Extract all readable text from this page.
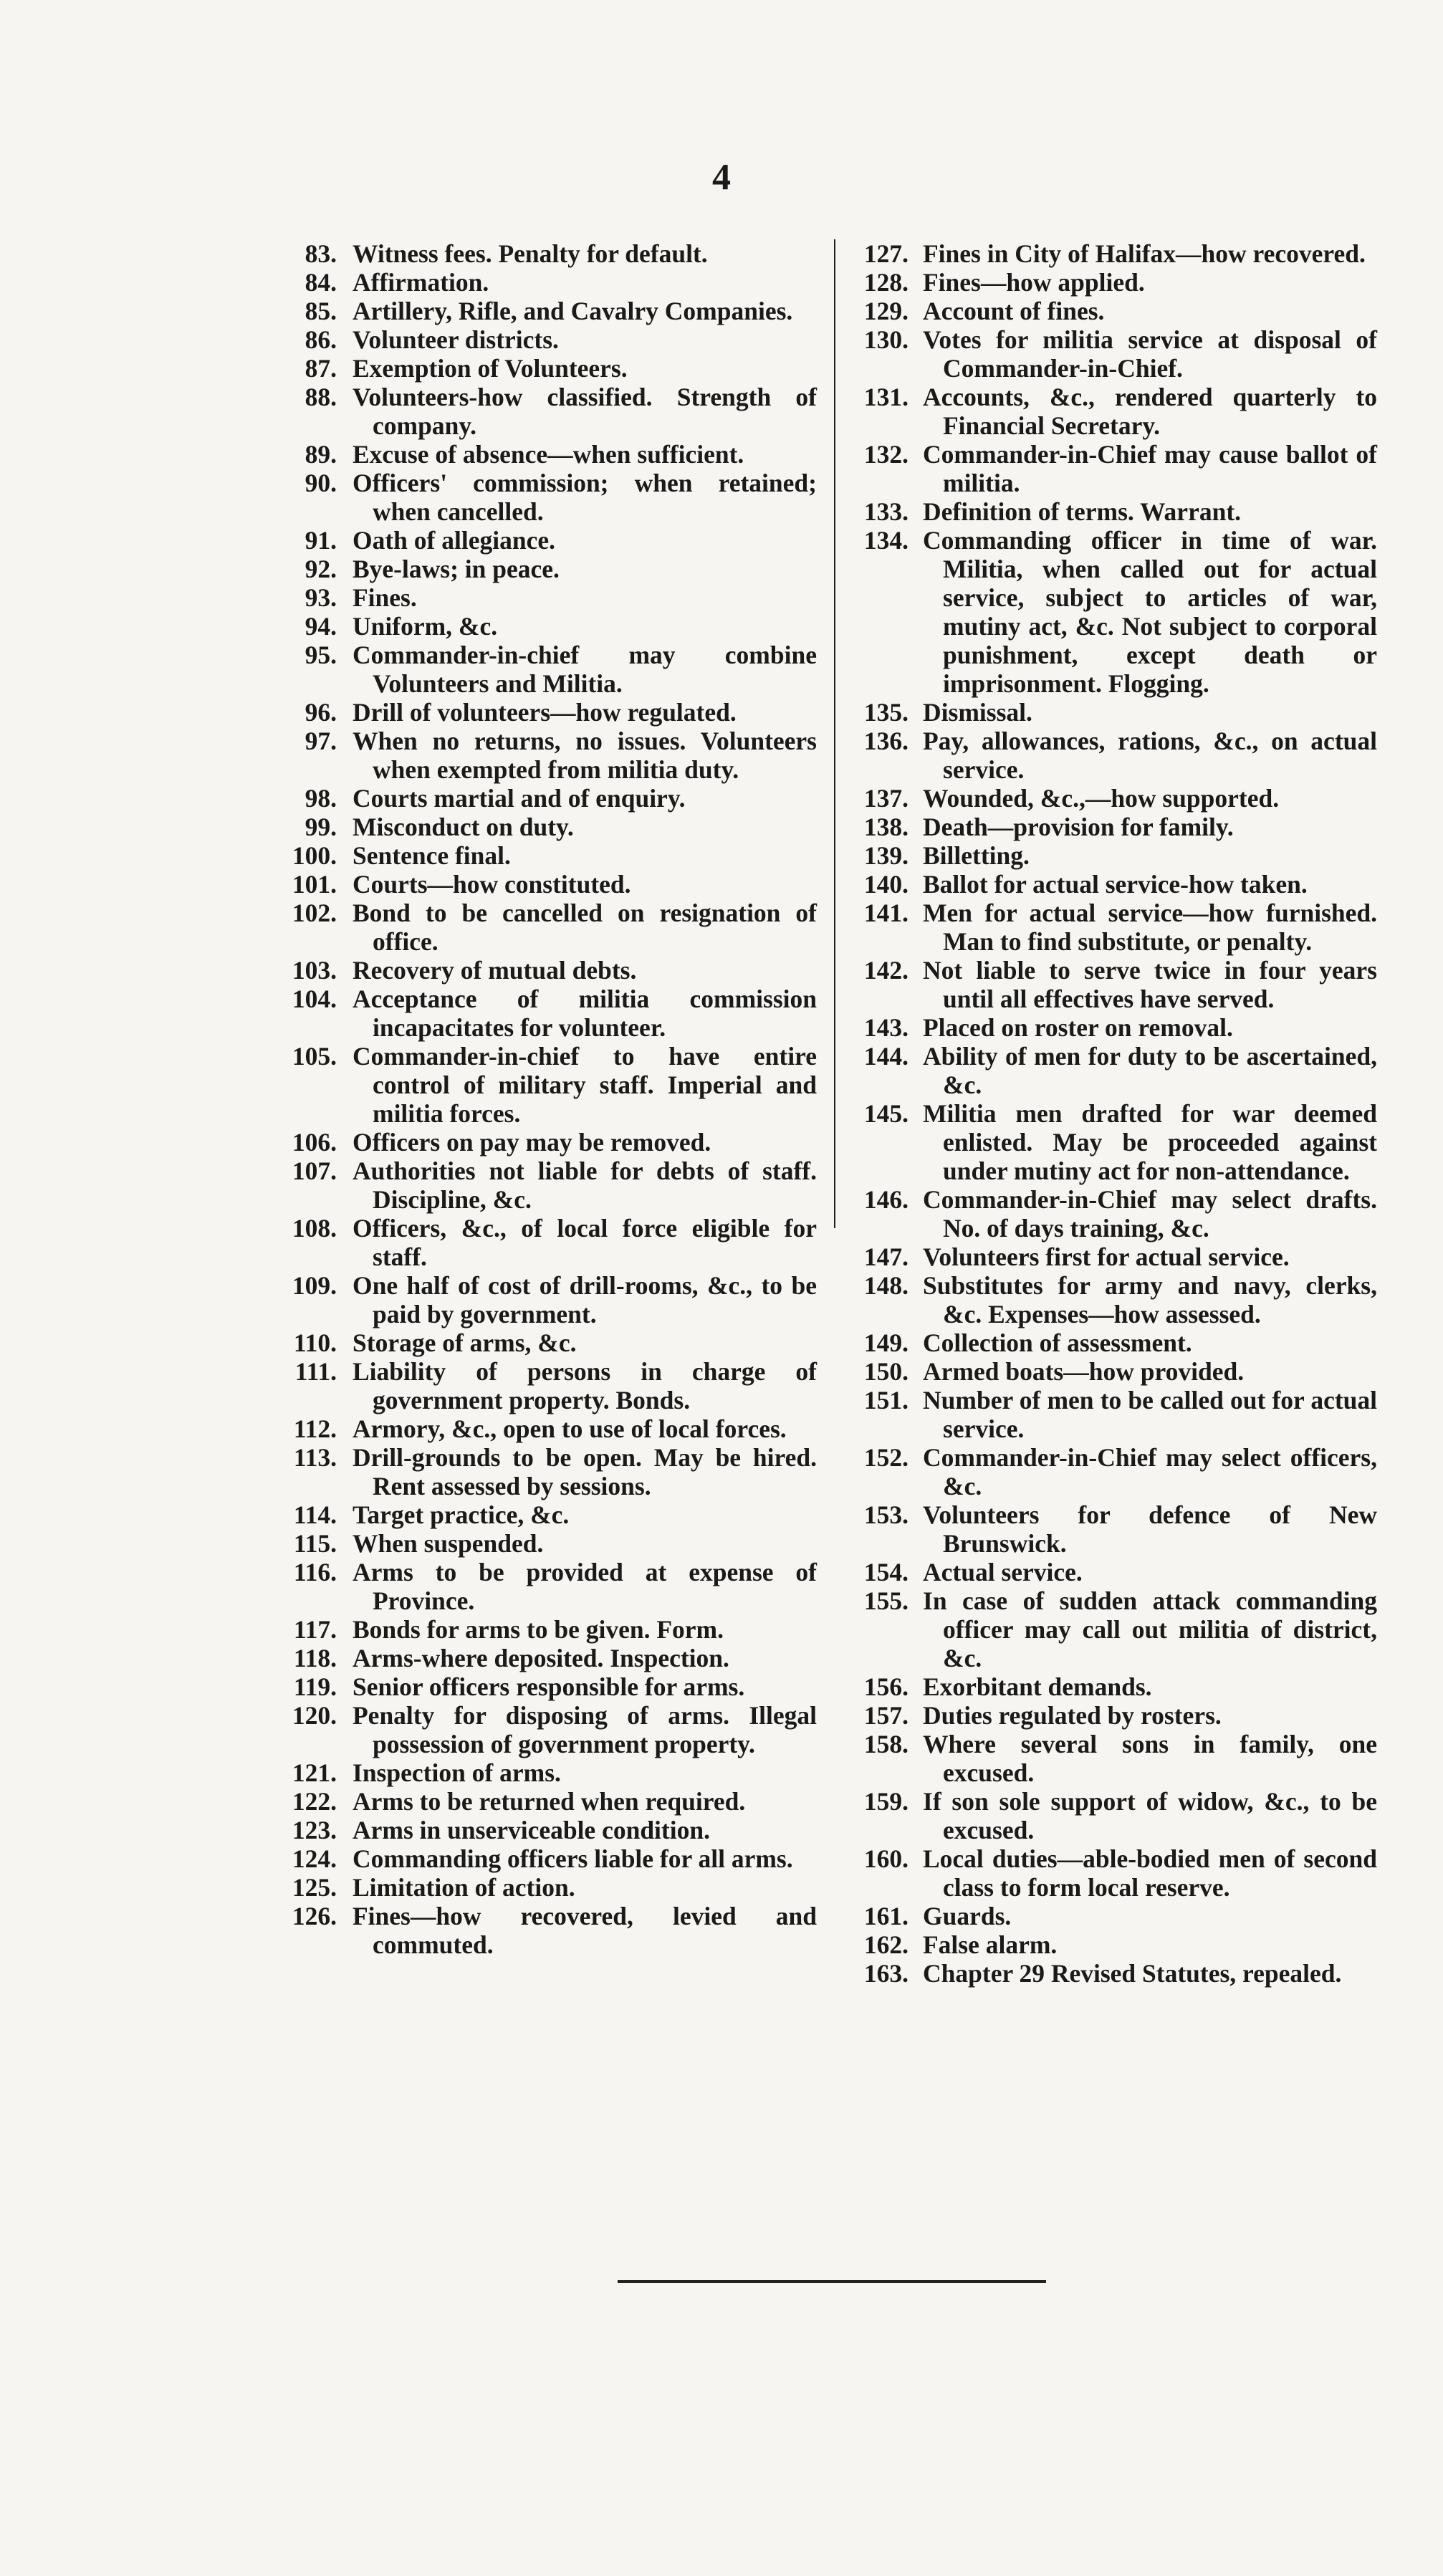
4
83. Witness fees. Penalty for default.
84. Affirmation.
85. Artillery, Rifle, and Cavalry Companies.
86. Volunteer districts.
87. Exemption of Volunteers.
88. Volunteers-how classified. Strength of company.
89. Excuse of absence—when sufficient.
90. Officers' commission; when retained; when cancelled.
91. Oath of allegiance.
92. Bye-laws; in peace.
93. Fines.
94. Uniform, &c.
95. Commander-in-chief may combine Volunteers and Militia.
96. Drill of volunteers—how regulated.
97. When no returns, no issues. Volunteers when exempted from militia duty.
98. Courts martial and of enquiry.
99. Misconduct on duty.
100. Sentence final.
101. Courts—how constituted.
102. Bond to be cancelled on resignation of office.
103. Recovery of mutual debts.
104. Acceptance of militia commission incapacitates for volunteer.
105. Commander-in-chief to have entire control of military staff. Imperial and militia forces.
106. Officers on pay may be removed.
107. Authorities not liable for debts of staff. Discipline, &c.
108. Officers, &c., of local force eligible for staff.
109. One half of cost of drill-rooms, &c., to be paid by government.
110. Storage of arms, &c.
111. Liability of persons in charge of government property. Bonds.
112. Armory, &c., open to use of local forces.
113. Drill-grounds to be open. May be hired. Rent assessed by sessions.
114. Target practice, &c.
115. When suspended.
116. Arms to be provided at expense of Province.
117. Bonds for arms to be given. Form.
118. Arms-where deposited. Inspection.
119. Senior officers responsible for arms.
120. Penalty for disposing of arms. Illegal possession of government property.
121. Inspection of arms.
122. Arms to be returned when required.
123. Arms in unserviceable condition.
124. Commanding officers liable for all arms.
125. Limitation of action.
126. Fines—how recovered, levied and commuted.
127. Fines in City of Halifax—how recovered.
128. Fines—how applied.
129. Account of fines.
130. Votes for militia service at disposal of Commander-in-Chief.
131. Accounts, &c., rendered quarterly to Financial Secretary.
132. Commander-in-Chief may cause ballot of militia.
133. Definition of terms. Warrant.
134. Commanding officer in time of war. Militia, when called out for actual service, subject to articles of war, mutiny act, &c. Not subject to corporal punishment, except death or imprisonment. Flogging.
135. Dismissal.
136. Pay, allowances, rations, &c., on actual service.
137. Wounded, &c.,—how supported.
138. Death—provision for family.
139. Billetting.
140. Ballot for actual service-how taken.
141. Men for actual service—how furnished. Man to find substitute, or penalty.
142. Not liable to serve twice in four years until all effectives have served.
143. Placed on roster on removal.
144. Ability of men for duty to be ascertained, &c.
145. Militia men drafted for war deemed enlisted. May be proceeded against under mutiny act for non-attendance.
146. Commander-in-Chief may select drafts. No. of days training, &c.
147. Volunteers first for actual service.
148. Substitutes for army and navy, clerks, &c. Expenses—how assessed.
149. Collection of assessment.
150. Armed boats—how provided.
151. Number of men to be called out for actual service.
152. Commander-in-Chief may select officers, &c.
153. Volunteers for defence of New Brunswick.
154. Actual service.
155. In case of sudden attack commanding officer may call out militia of district, &c.
156. Exorbitant demands.
157. Duties regulated by rosters.
158. Where several sons in family, one excused.
159. If son sole support of widow, &c., to be excused.
160. Local duties—able-bodied men of second class to form local reserve.
161. Guards.
162. False alarm.
163. Chapter 29 Revised Statutes, repealed.
